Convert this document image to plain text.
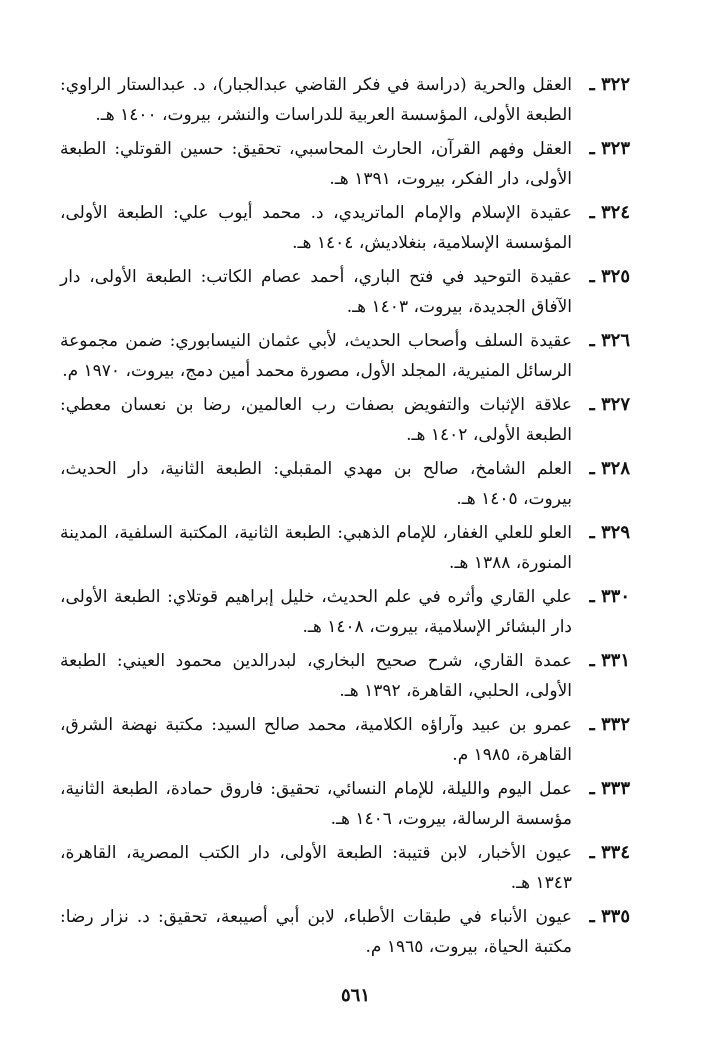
٣٢٢ ـ
العقل والحرية (دراسة في فكر القاضي عبدالجبار)، د. عبدالستار الراوي: الطبعة الأولى، المؤسسة العربية للدراسات والنشر، بيروت، ١٤٠٠ هـ.
٣٢٣ ـ
العقل وفهم القرآن، الحارث المحاسبي، تحقيق: حسين القوتلي: الطبعة الأولى، دار الفكر، بيروت، ١٣٩١ هـ.
٣٢٤ ـ
عقيدة الإسلام والإمام الماتريدي، د. محمد أيوب علي: الطبعة الأولى، المؤسسة الإسلامية، بنغلاديش، ١٤٠٤ هـ.
٣٢٥ ـ
عقيدة التوحيد في فتح الباري، أحمد عصام الكاتب: الطبعة الأولى، دار الآفاق الجديدة، بيروت، ١٤٠٣ هـ.
٣٢٦ ـ
عقيدة السلف وأصحاب الحديث، لأبي عثمان النيسابوري: ضمن مجموعة الرسائل المنيرية، المجلد الأول، مصورة محمد أمين دمج، بيروت، ١٩٧٠ م.
٣٢٧ ـ
علاقة الإثبات والتفويض بصفات رب العالمين، رضا بن نعسان معطي: الطبعة الأولى، ١٤٠٢ هـ.
٣٢٨ ـ
العلم الشامخ، صالح بن مهدي المقبلي: الطبعة الثانية، دار الحديث، بيروت، ١٤٠٥ هـ.
٣٢٩ ـ
العلو للعلي الغفار، للإمام الذهبي: الطبعة الثانية، المكتبة السلفية، المدينة المنورة، ١٣٨٨ هـ.
٣٣٠ ـ
علي القاري وأثره في علم الحديث، خليل إبراهيم قوتلاي: الطبعة الأولى، دار البشائر الإسلامية، بيروت، ١٤٠٨ هـ.
٣٣١ ـ
عمدة القاري، شرح صحيح البخاري، لبدرالدين محمود العيني: الطبعة الأولى، الحلبي، القاهرة، ١٣٩٢ هـ.
٣٣٢ ـ
عمرو بن عبيد وآراؤه الكلامية، محمد صالح السيد: مكتبة نهضة الشرق، القاهرة، ١٩٨٥ م.
٣٣٣ ـ
عمل اليوم والليلة، للإمام النسائي، تحقيق: فاروق حمادة، الطبعة الثانية، مؤسسة الرسالة، بيروت، ١٤٠٦ هـ.
٣٣٤ ـ
عيون الأخبار، لابن قتيبة: الطبعة الأولى، دار الكتب المصرية، القاهرة، ١٣٤٣ هـ.
٣٣٥ ـ
عيون الأنباء في طبقات الأطباء، لابن أبي أصيبعة، تحقيق: د. نزار رضا: مكتبة الحياة، بيروت، ١٩٦٥ م.
٥٦١
